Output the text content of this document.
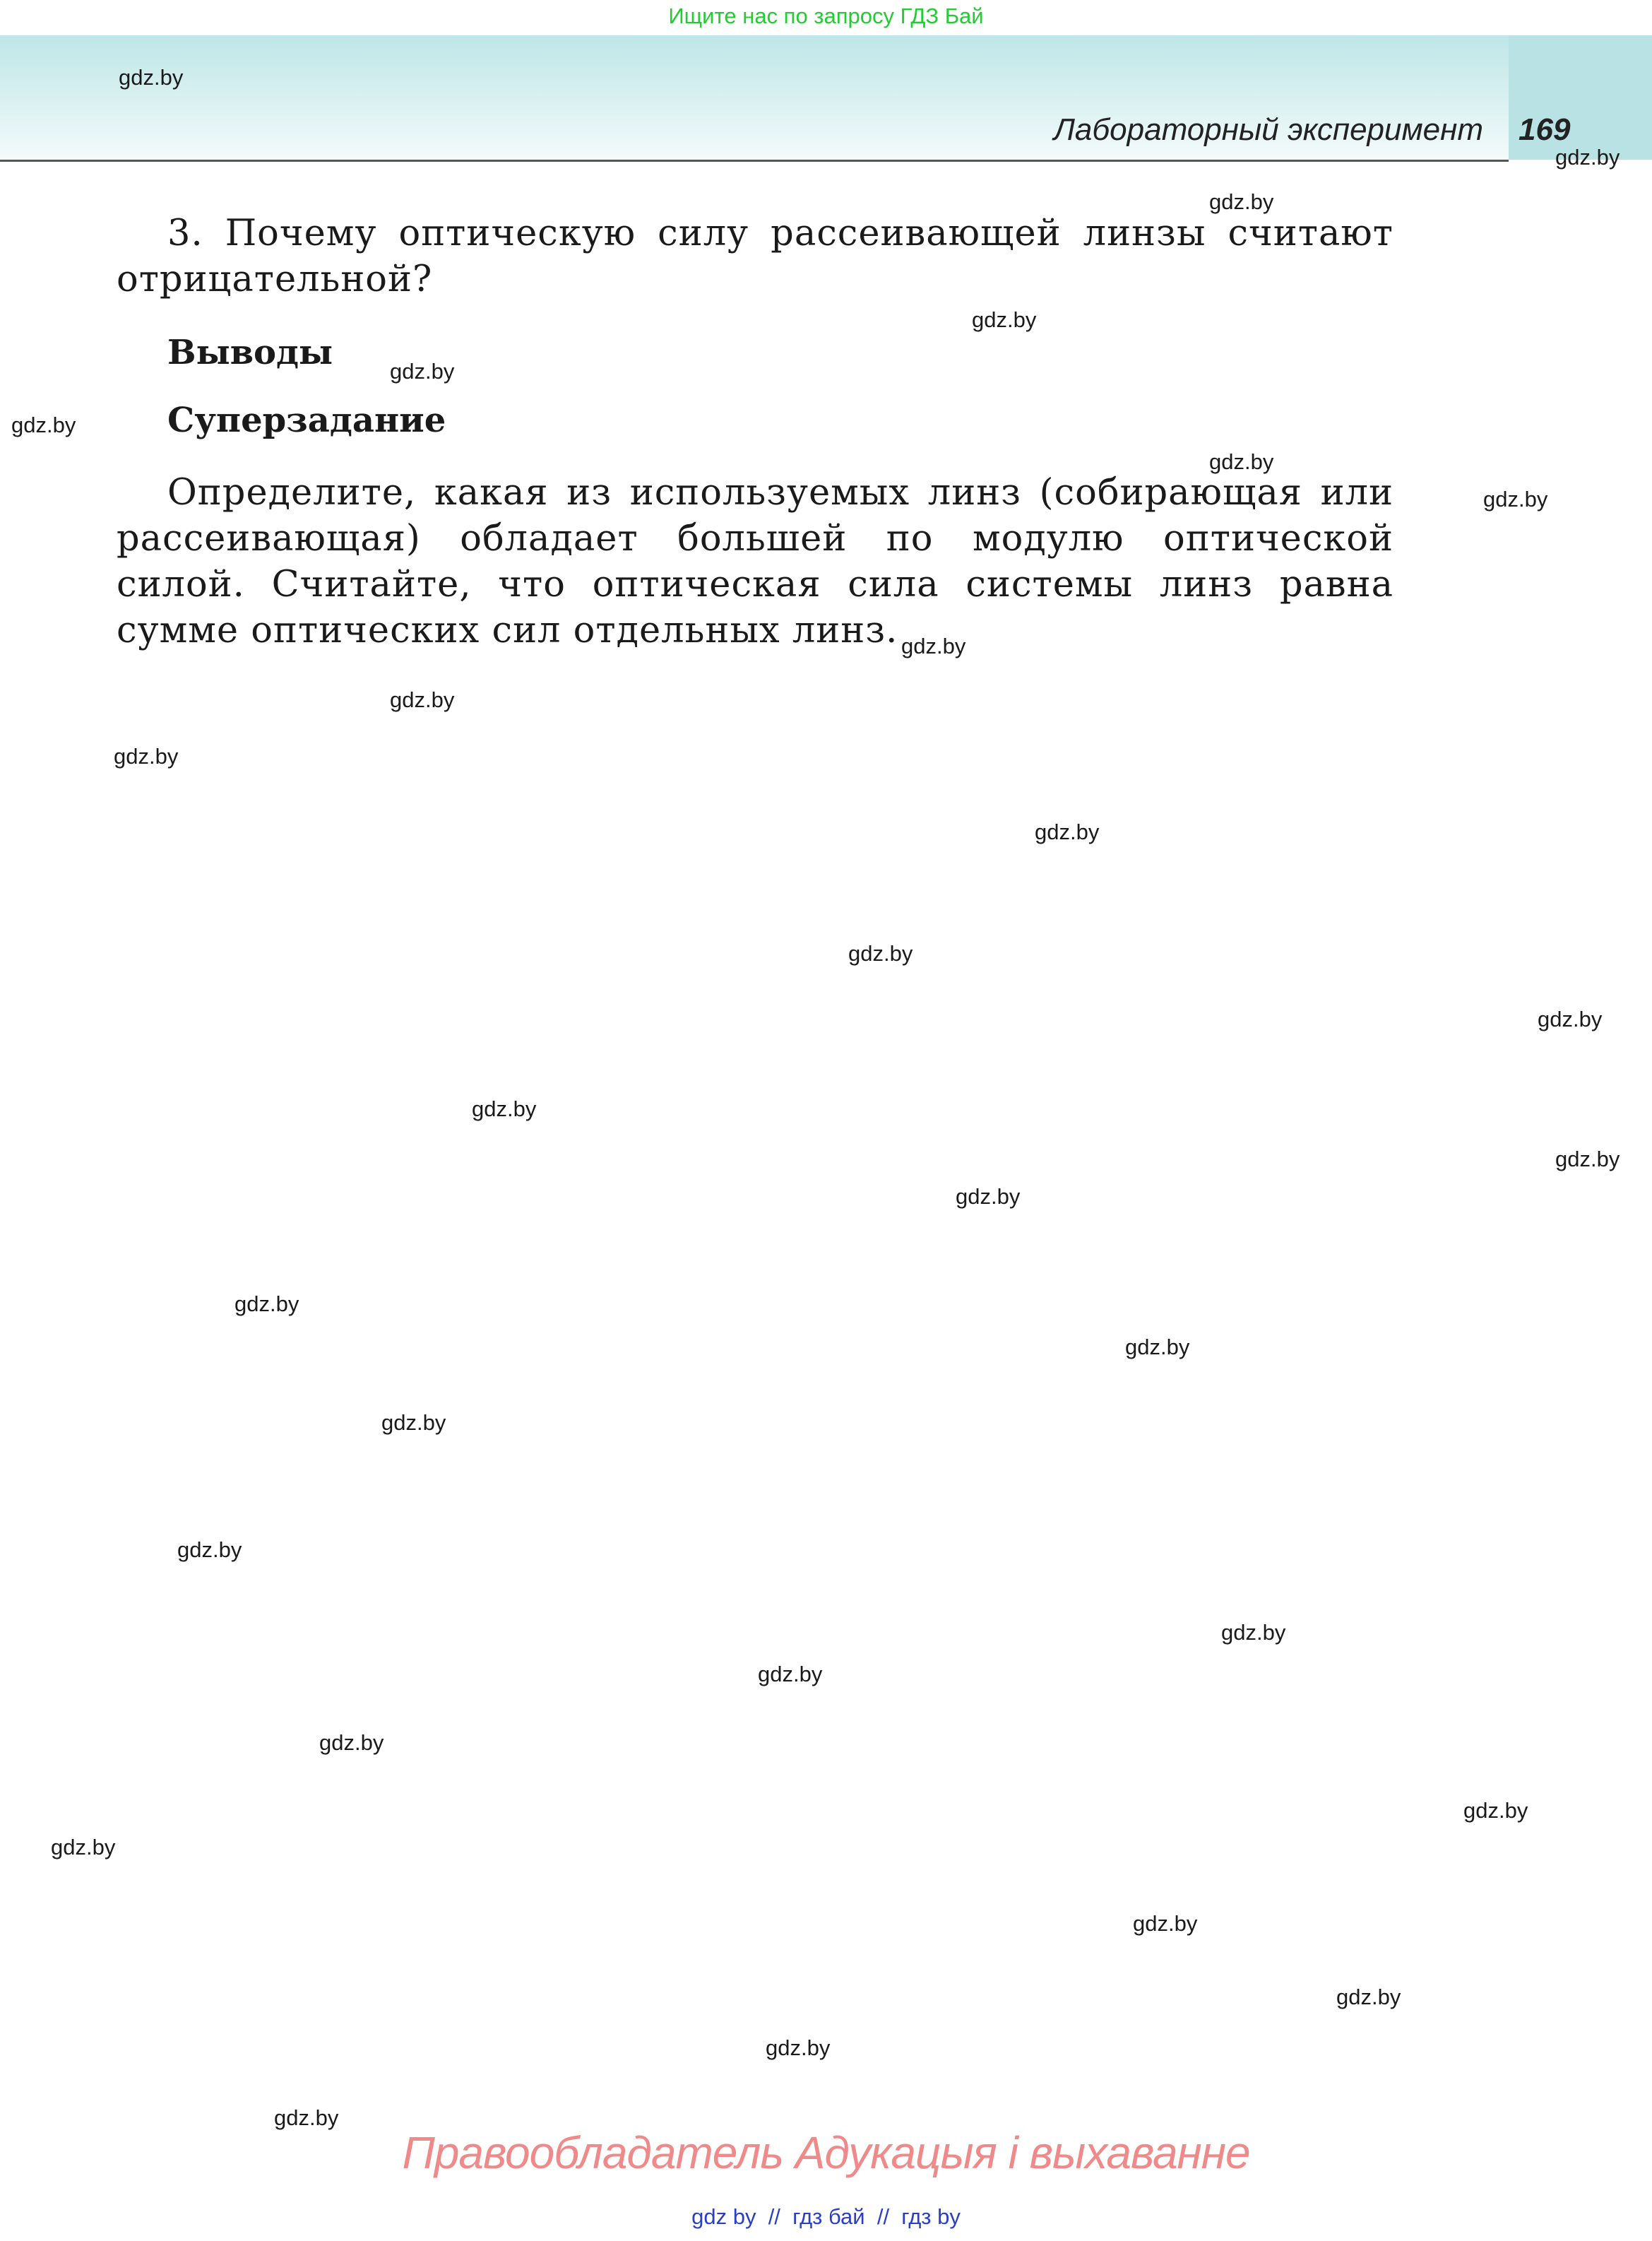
Ищите нас по запросу ГДЗ Бай
Лабораторный эксперимент 169
3. Почему оптическую силу рассеивающей линзы считают отрицательной?
Выводы
Суперзадание
Определите, какая из используемых линз (собирающая или рассеивающая) обладает большей по модулю оптической силой. Считайте, что оптическая сила системы линз равна сумме оптических сил отдельных линз.
gdz.by
gdz.by
gdz.by
gdz.by
gdz.by
gdz.by
gdz.by
gdz.by
gdz.by
gdz.by
gdz.by
gdz.by
gdz.by
gdz.by
gdz.by
gdz.by
gdz.by
gdz.by
gdz.by
gdz.by
gdz.by
gdz.by
gdz.by
gdz.by
gdz.by
gdz.by
gdz.by
gdz.by
gdz.by
gdz.by
Правообладатель Адукацыя і выхаванне
gdz by // гдз бай // гдз by
